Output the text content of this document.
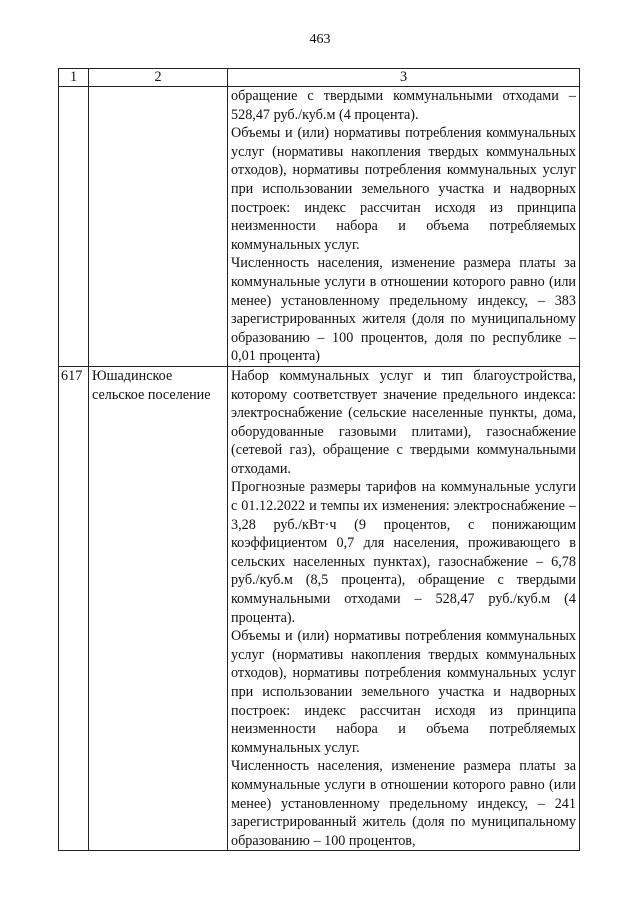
463
1	2	3

		обращение с твердыми коммунальными отходами – 528,47 руб./куб.м (4 процента).

Объемы и (или) нормативы потребления коммунальных услуг (нормативы накопления твердых коммунальных отходов), нормативы потребления коммунальных услуг при использовании земельного участка и надворных построек: индекс рассчитан исходя из принципа неизменности набора и объема потребляемых коммунальных услуг.

Численность населения, изменение размера платы за коммунальные услуги в отношении которого равно (или менее) установленному предельному индексу, – 383 зарегистрированных жителя (доля по муниципальному образованию – 100 процентов, доля по республике – 0,01 процента)

617	Юшадинское сельское поселение	Набор коммунальных услуг и тип благоустройства, которому соответствует значение предельного индекса: электроснабжение (сельские населенные пункты, дома, оборудованные газовыми плитами), газоснабжение (сетевой газ), обращение с твердыми коммунальными отходами.

Прогнозные размеры тарифов на коммунальные услуги с 01.12.2022 и темпы их изменения: электроснабжение – 3,28 руб./кВт·ч (9 процентов, с понижающим коэффициентом 0,7 для населения, проживающего в сельских населенных пунктах), газоснабжение – 6,78 руб./куб.м (8,5 процента), обращение с твердыми коммунальными отходами – 528,47 руб./куб.м (4 процента).

Объемы и (или) нормативы потребления коммунальных услуг (нормативы накопления твердых коммунальных отходов), нормативы потребления коммунальных услуг при использовании земельного участка и надворных построек: индекс рассчитан исходя из принципа неизменности набора и объема потребляемых коммунальных услуг.

Численность населения, изменение размера платы за коммунальные услуги в отношении которого равно (или менее) установленному предельному индексу, – 241 зарегистрированный житель (доля по муниципальному образованию – 100 процентов,
